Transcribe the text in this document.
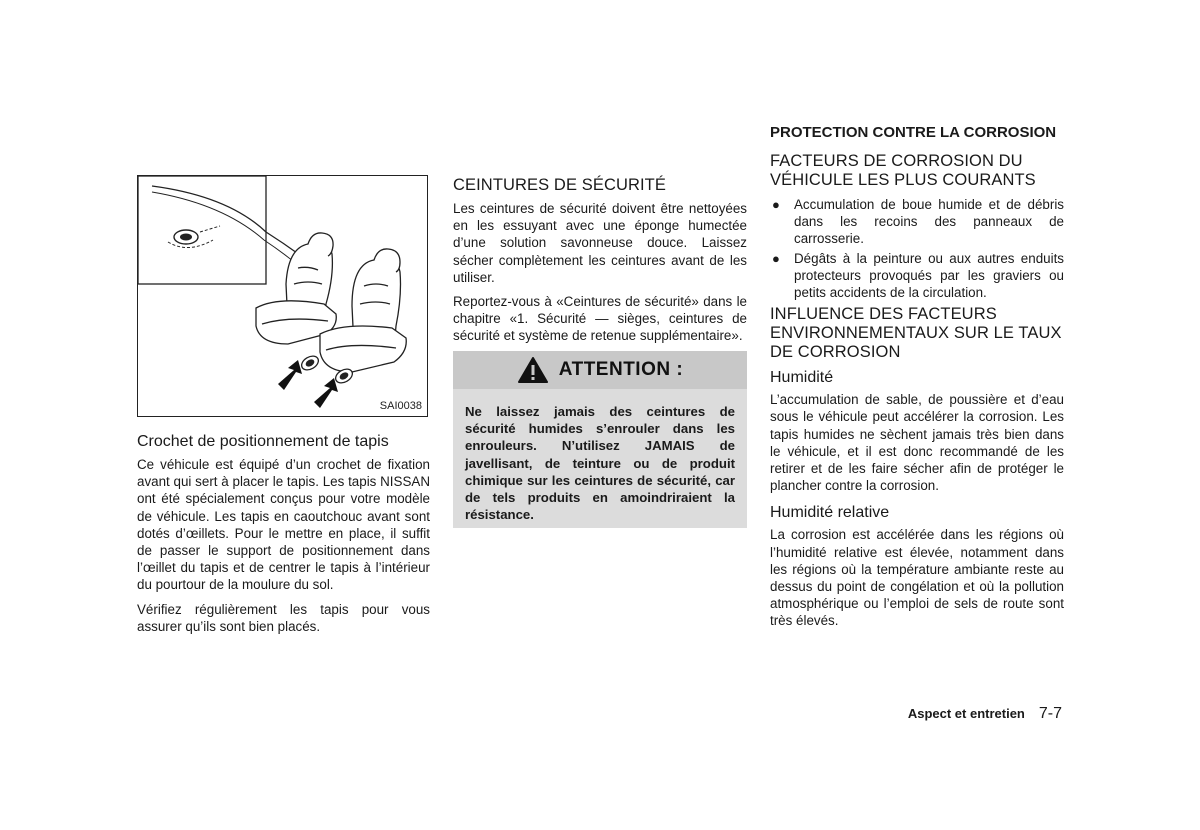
SAI0038
Crochet de positionnement de tapis

Ce véhicule est équipé d’un crochet de fixation avant qui sert à placer le tapis. Les tapis NISSAN ont été spécialement conçus pour votre modèle de véhicule. Les tapis en caoutchouc avant sont dotés d’œillets. Pour le mettre en place, il suffit de passer le support de positionnement dans l’œillet du tapis et de centrer le tapis à l’intérieur du pourtour de la moulure du sol.

Vérifiez régulièrement les tapis pour vous assurer qu’ils sont bien placés.

CEINTURES DE SÉCURITÉ

Les ceintures de sécurité doivent être nettoyées en les essuyant avec une éponge humectée d’une solution savonneuse douce. Laissez sécher complètement les ceintures avant de les utiliser.

Reportez-vous à «Ceintures de sécurité» dans le chapitre «1. Sécurité — sièges, ceintures de sécurité et système de retenue supplémentaire».

ATTENTION :
Ne laissez jamais des ceintures de sécurité humides s’enrouler dans les enrouleurs. N’utilisez JAMAIS de javellisant, de teinture ou de produit chimique sur les ceintures de sécurité, car de tels produits en amoindriraient la résistance.
PROTECTION CONTRE LA CORROSION
FACTEURS DE CORROSION DU VÉHICULE LES PLUS COURANTS
● Accumulation de boue humide et de débris dans les recoins des panneaux de carrosserie.
● Dégâts à la peinture ou aux autres enduits protecteurs provoqués par les graviers ou petits accidents de la circulation.
INFLUENCE DES FACTEURS ENVIRONNEMENTAUX SUR LE TAUX DE CORROSION
Humidité

L’accumulation de sable, de poussière et d’eau sous le véhicule peut accélérer la corrosion. Les tapis humides ne sèchent jamais très bien dans le véhicule, et il est donc recommandé de les retirer et de les faire sécher afin de protéger le plancher contre la corrosion.

Humidité relative

La corrosion est accélérée dans les régions où l’humidité relative est élevée, notamment dans les régions où la température ambiante reste au dessus du point de congélation et où la pollution atmosphérique ou l’emploi de sels de route sont très élevés.

Aspect et entretien 7-7
